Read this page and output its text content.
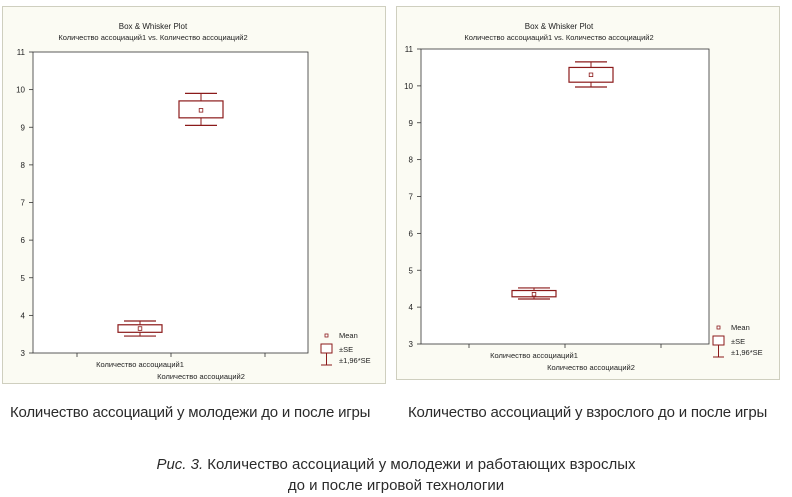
Box & Whisker Plot
Количество ассоциаций1 vs. Количество ассоциаций2
3
4
5
6
7
8
9
10
11
Количество ассоциаций1
Количество ассоциаций2
Mean
±SE
±1,96*SE
Box & Whisker Plot
Количество ассоциаций1 vs. Количество ассоциаций2
3
4
5
6
7
8
9
10
11
Количество ассоциаций1
Количество ассоциаций2
Mean
±SE
±1,96*SE
Количество ассоциаций у молодежи до и после игры	Количество ассоциаций у взрослого до и после игры
Рис. 3. Количество ассоциаций у молодежи и работающих взрослых
до и после игровой технологии
